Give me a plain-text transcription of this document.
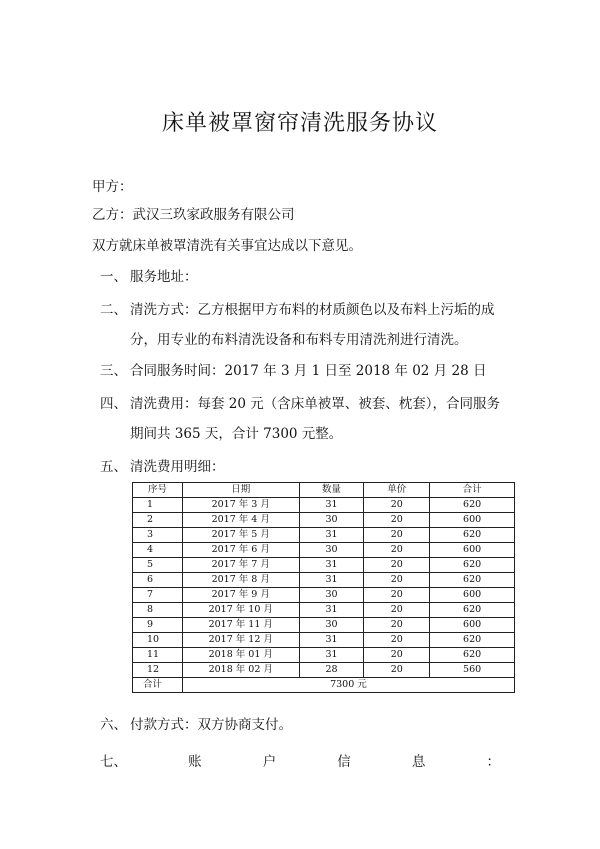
床单被罩窗帘清洗服务协议
甲方：
乙方：武汉三玖家政服务有限公司
双方就床单被罩清洗有关事宜达成以下意见。
一、 服务地址：
二、 清洗方式：乙方根据甲方布料的材质颜色以及布料上污垢的成
分，用专业的布料清洗设备和布料专用清洗剂进行清洗。
三、 合同服务时间：2017 年 3 月 1 日至 2018 年 02 月 28 日
四、 清洗费用：每套 20 元（含床单被罩、被套、枕套），合同服务
期间共 365 天，合计 7300 元整。
五、 清洗费用明细：
序号	日期	数量	单价	合计
1	2017 年 3 月	31	20	620
2	2017 年 4 月	30	20	600
3	2017 年 5 月	31	20	620
4	2017 年 6 月	30	20	600
5	2017 年 7 月	31	20	620
6	2017 年 8 月	31	20	620
7	2017 年 9 月	30	20	600
8	2017 年 10 月	31	20	620
9	2017 年 11 月	30	20	600
10	2017 年 12 月	31	20	620
11	2018 年 01 月	31	20	620
12	2018 年 02 月	28	20	560
合计	7300 元			
六、 付款方式：双方协商支付。
七、	账	户	信	息	：
